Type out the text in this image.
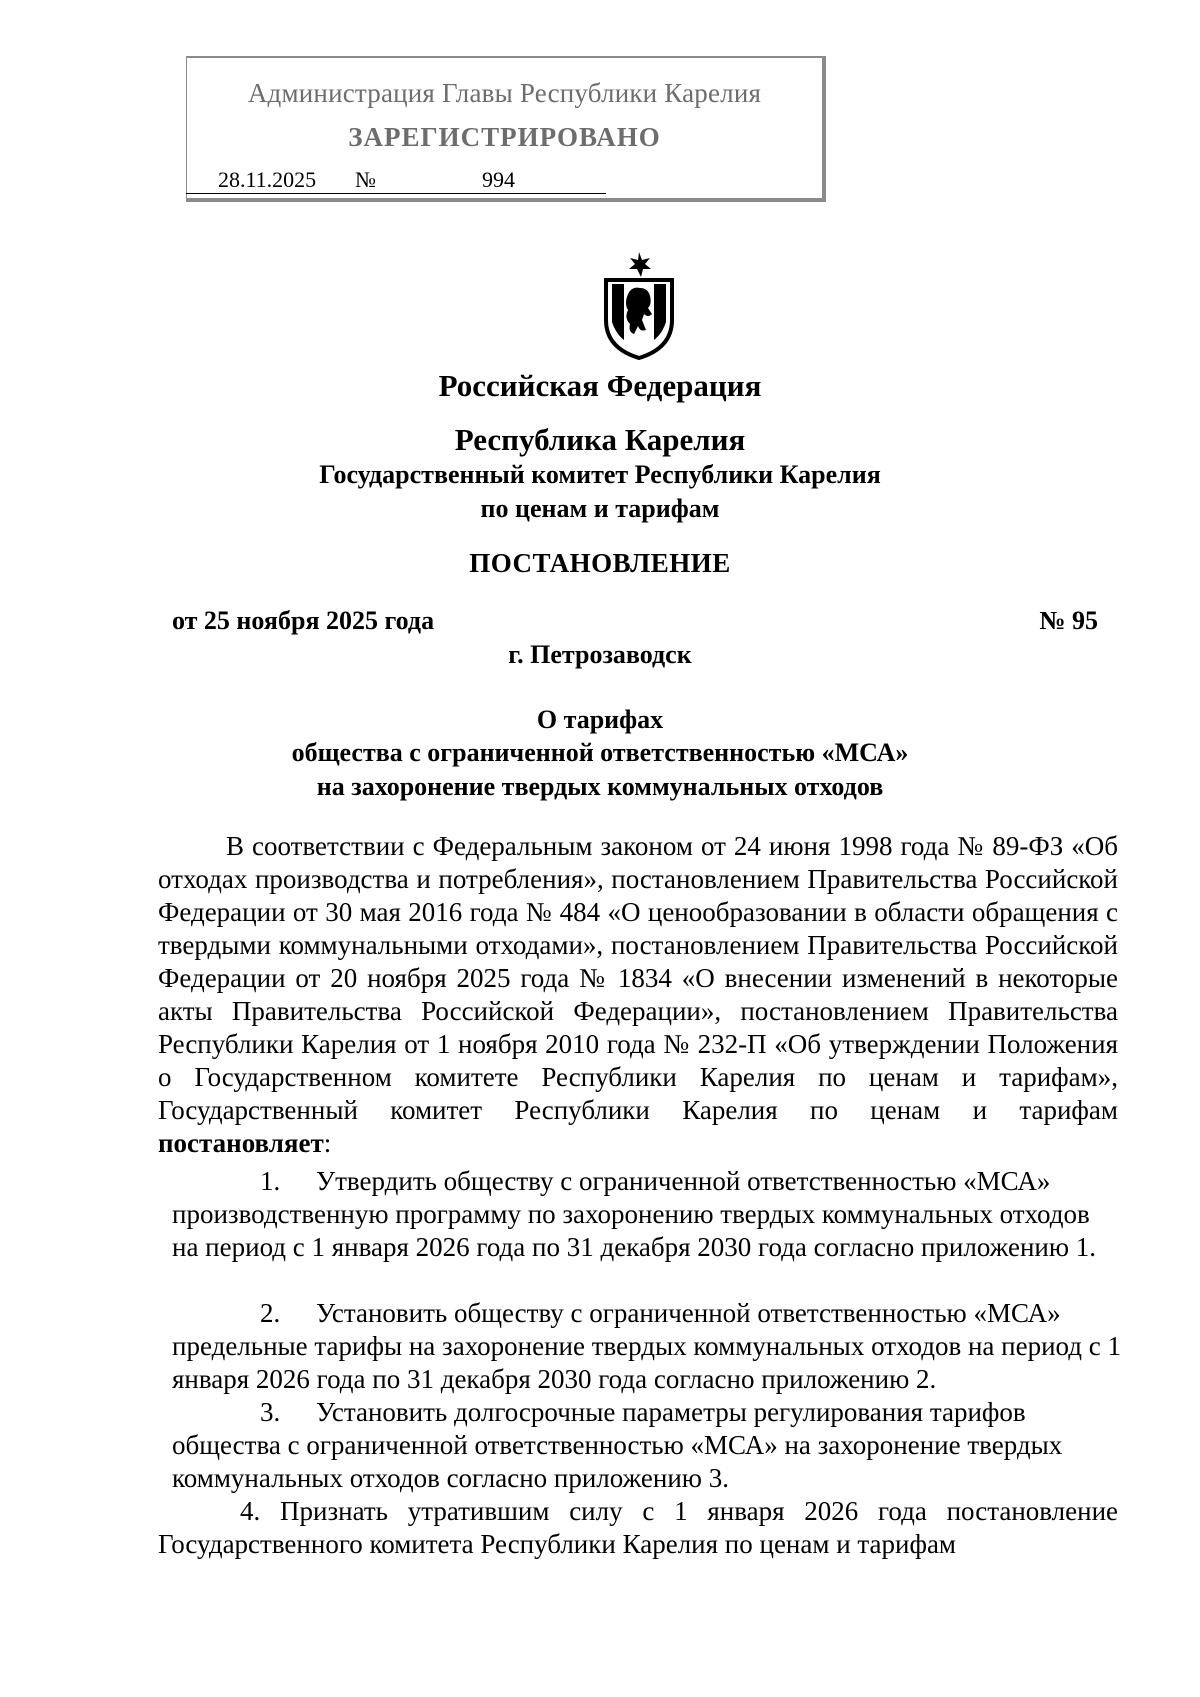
Администрация Главы Республики Карелия
ЗАРЕГИСТРИРОВАНО
28.11.2025 №	994
Российская Федерация
Республика Карелия
Государственный комитет Республики Карелия
по ценам и тарифам
ПОСТАНОВЛЕНИЕ
от 25 ноября 2025 года	№ 95
г. Петрозаводск
О тарифах
общества с ограниченной ответственностью «МСА»
на захоронение твердых коммунальных отходов
В соответствии с Федеральным законом от 24 июня 1998 года № 89-ФЗ «Об отходах производства и потребления», постановлением Правительства Российской Федерации от 30 мая 2016 года № 484 «О ценообразовании в области обращения с твердыми коммунальными отходами», постановлением Правительства Российской Федерации от 20 ноября 2025 года № 1834 «О внесении изменений в некоторые акты Правительства Российской Федерации», постановлением Правительства Республики Карелия от 1 ноября 2010 года № 232-П «Об утверждении Положения о Государственном комитете Республики Карелия по ценам и тарифам», Государственный комитет Республики Карелия по ценам и тарифам постановляет:
1. Утвердить обществу с ограниченной ответственностью «МСА»
производственную программу по захоронению твердых коммунальных отходов на период с 1 января 2026 года по 31 декабря 2030 года согласно приложению 1.
2. Установить обществу с ограниченной ответственностью «МСА»
предельные тарифы на захоронение твердых коммунальных отходов на период с 1 января 2026 года по 31 декабря 2030 года согласно приложению 2.
3. Установить долгосрочные параметры регулирования тарифов
общества с ограниченной ответственностью «МСА» на захоронение твердых коммунальных отходов согласно приложению 3.
4. Признать утратившим силу с 1 января 2026 года постановление Государственного комитета Республики Карелия по ценам и тарифам
